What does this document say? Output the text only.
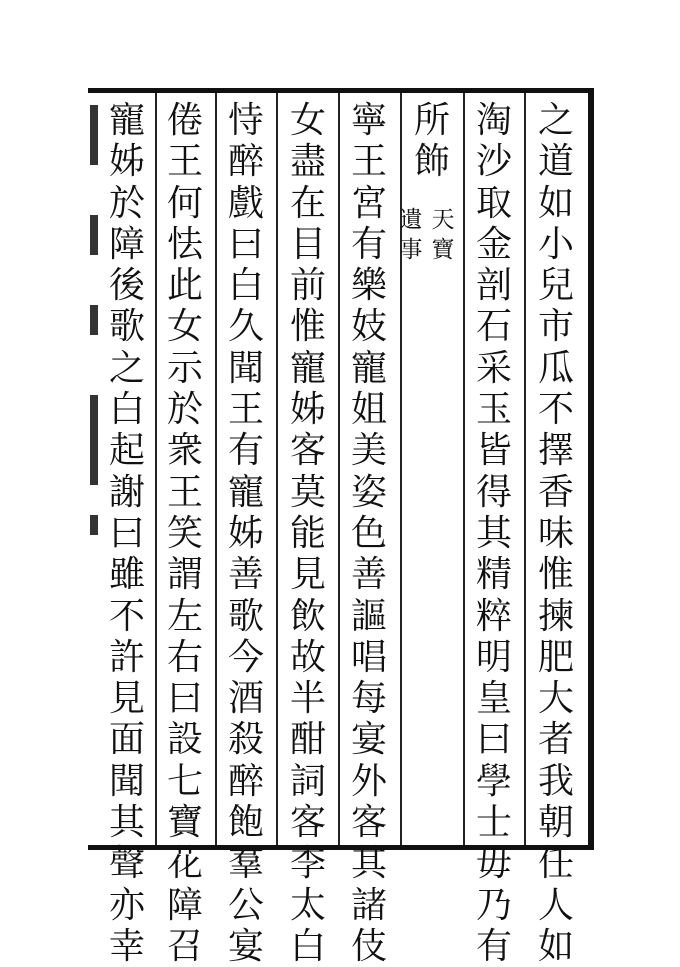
之
道
如
小
兒
市
瓜
不
擇
香
味
惟
揀
肥
大
者
我
朝
任
人
如
淘
沙
取
金
剖
石
采
玉
皆
得
其
精
粹
明
皇
曰
學
士
毋
乃
有
所
飾
寧
王
宮
有
樂
妓
寵
姐
美
姿
色
善
謳
唱
每
宴
外
客
其
諸
伎
女
盡
在
目
前
惟
寵
姊
客
莫
能
見
飲
故
半
酣
詞
客
李
太
白
恃
醉
戲
曰
白
久
聞
王
有
寵
姊
善
歌
今
酒
殺
醉
飽
羣
公
宴
倦
王
何
怯
此
女
示
於
衆
王
笑
謂
左
右
曰
設
七
寶
花
障
召
寵
姊
於
障
後
歌
之
白
起
謝
曰
雖
不
許
見
面
聞
其
聲
亦
幸
天
寶
遺
事
